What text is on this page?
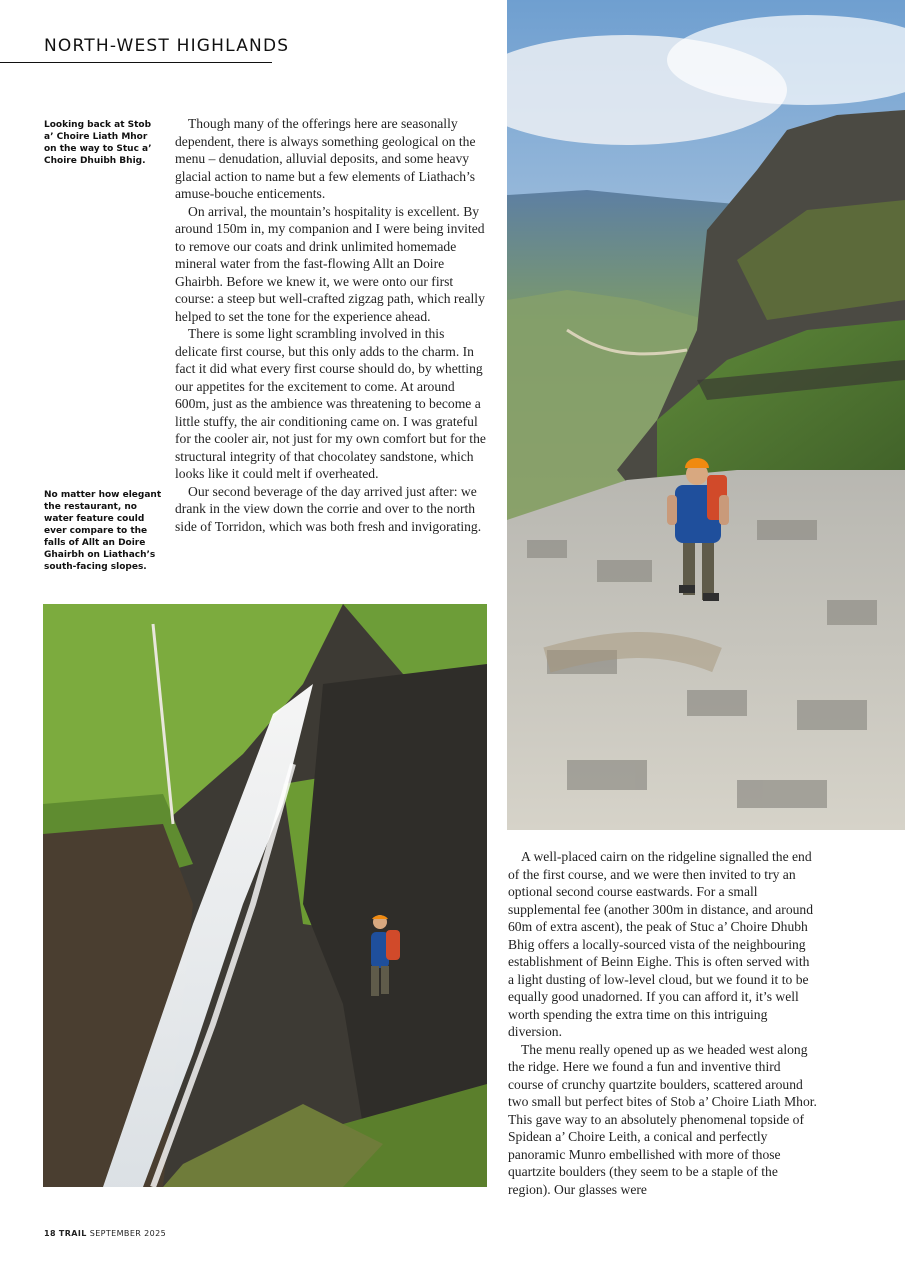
NORTH-WEST HIGHLANDS
Looking back at Stob a’ Choire Liath Mhor on the way to Stuc a’ Choire Dhuibh Bhig.
No matter how elegant the restaurant, no water feature could ever compare to the falls of Allt an Doire Ghairbh on Liathach’s south-facing slopes.

Though many of the offerings here are seasonally dependent, there is always something geological on the menu – denudation, alluvial deposits, and some heavy glacial action to name but a few elements of Liathach’s amuse-bouche enticements.

On arrival, the mountain’s hospitality is excellent. By around 150m in, my companion and I were being invited to remove our coats and drink unlimited homemade mineral water from the fast-flowing Allt an Doire Ghairbh. Before we knew it, we were onto our first course: a steep but well-crafted zigzag path, which really helped to set the tone for the experience ahead.

There is some light scrambling involved in this delicate first course, but this only adds to the charm. In fact it did what every first course should do, by whetting our appetites for the excitement to come. At around 600m, just as the ambience was threatening to become a little stuffy, the air conditioning came on. I was grateful for the cooler air, not just for my own comfort but for the structural integrity of that chocolatey sandstone, which looks like it could melt if overheated.

Our second beverage of the day arrived just after: we drank in the view down the corrie and over to the north side of Torridon, which was both fresh and invigorating.

A well-placed cairn on the ridgeline signalled the end of the first course, and we were then invited to try an optional second course eastwards. For a small supplemental fee (another 300m in distance, and around 60m of extra ascent), the peak of Stuc a’ Choire Dhubh Bhig offers a locally-sourced vista of the neighbouring establishment of Beinn Eighe. This is often served with a light dusting of low-level cloud, but we found it to be equally good unadorned. If you can afford it, it’s well worth spending the extra time on this intriguing diversion.

The menu really opened up as we headed west along the ridge. Here we found a fun and inventive third course of crunchy quartzite boulders, scattered around two small but perfect bites of Stob a’ Choire Liath Mhor. This gave way to an absolutely phenomenal topside of Spidean a’ Choire Leith, a conical and perfectly panoramic Munro embellished with more of those quartzite boulders (they seem to be a staple of the region). Our glasses were

18 TRAIL SEPTEMBER 2025
